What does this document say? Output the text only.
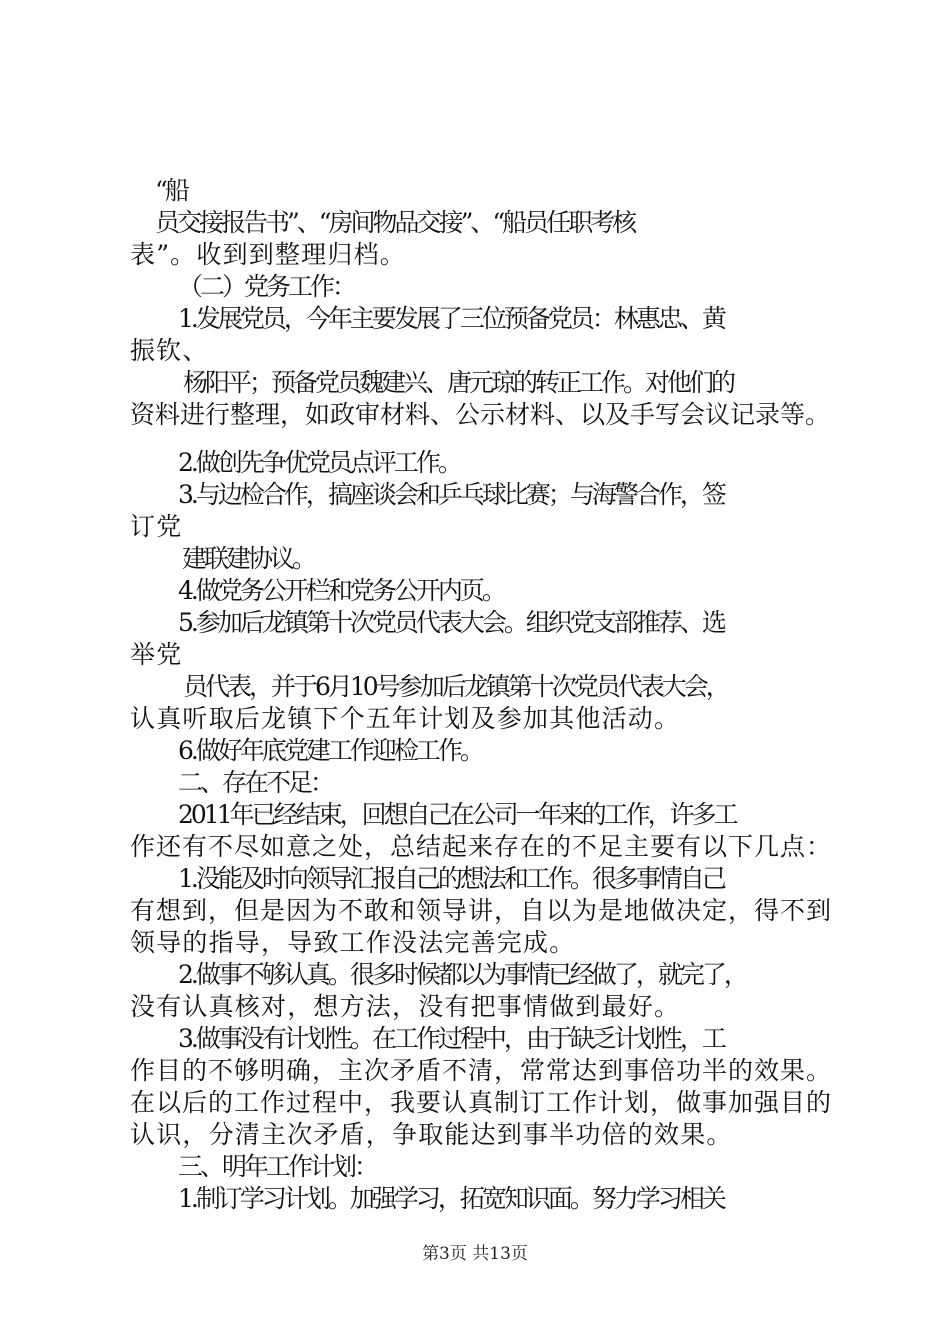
“船
员交接报告书”、“房间物品交接”、“船员任职考核
表”。收到到整理归档。
（二）党务工作：
1.发展党员，今年主要发展了三位预备党员：林惠忠、黄
振钦、
杨阳平；预备党员魏建兴、唐元琼的转正工作。对他们的
资料进行整理，如政审材料、公示材料、以及手写会议记录等。
2.做创先争优党员点评工作。
3.与边检合作，搞座谈会和乒乓球比赛；与海警合作，签
订党
建联建协议。
4.做党务公开栏和党务公开内页。
5.参加后龙镇第十次党员代表大会。组织党支部推荐、选
举党
员代表，并于6月10号参加后龙镇第十次党员代表大会，
认真听取后龙镇下个五年计划及参加其他活动。
6.做好年底党建工作迎检工作。
二、存在不足：
2011年已经结束，回想自己在公司一年来的工作，许多工
作还有不尽如意之处，总结起来存在的不足主要有以下几点：
1.没能及时向领导汇报自己的想法和工作。很多事情自己
有想到，但是因为不敢和领导讲，自以为是地做决定，得不到
领导的指导，导致工作没法完善完成。
2.做事不够认真。很多时候都以为事情已经做了，就完了，
没有认真核对，想方法，没有把事情做到最好。
3.做事没有计划性。在工作过程中，由于缺乏计划性，工
作目的不够明确，主次矛盾不清，常常达到事倍功半的效果。
在以后的工作过程中，我要认真制订工作计划，做事加强目的
认识，分清主次矛盾，争取能达到事半功倍的效果。
三、明年工作计划：
1.制订学习计划。加强学习，拓宽知识面。努力学习相关
第3页 共13页
